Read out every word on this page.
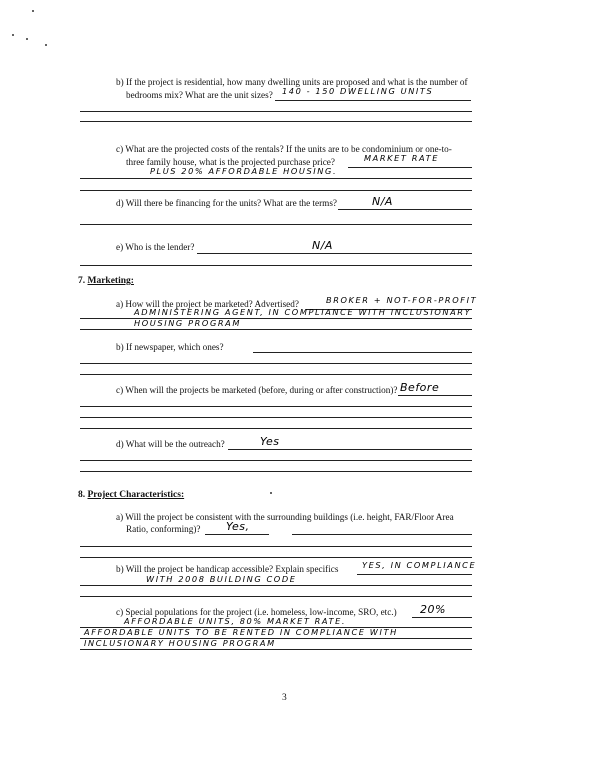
b) If the project is residential, how many dwelling units are proposed and what is the number of
bedrooms mix? What are the unit sizes? 140 - 150 DWELLING UNITS
c) What are the projected costs of the rentals? If the units are to be condominium or one-to-
three family house, what is the projected purchase price?	MARKET RATE
PLUS 20% AFFORDABLE HOUSING.
d) Will there be financing for the units? What are the terms?	N/A
e) Who is the lender?	N/A
7. Marketing:
a) How will the project be marketed? Advertised?	BROKER + NOT-FOR-PROFIT
ADMINISTERING AGENT, IN COMPLIANCE WITH INCLUSIONARY
HOUSING PROGRAM
b) If newspaper, which ones?
c) When will the projects be marketed (before, during or after construction)? Before
d) What will be the outreach?	Yes
8. Project Characteristics:
a) Will the project be consistent with the surrounding buildings (i.e. height, FAR/Floor Area
Ratio, conforming)? Yes,
b) Will the project be handicap accessible? Explain specifics	YES, IN COMPLIANCE
WITH 2008 BUILDING CODE
c) Special populations for the project (i.e. homeless, low-income, SRO, etc.) 20%
AFFORDABLE UNITS, 80% MARKET RATE.
AFFORDABLE UNITS TO BE RENTED IN COMPLIANCE WITH
INCLUSIONARY HOUSING PROGRAM
3
